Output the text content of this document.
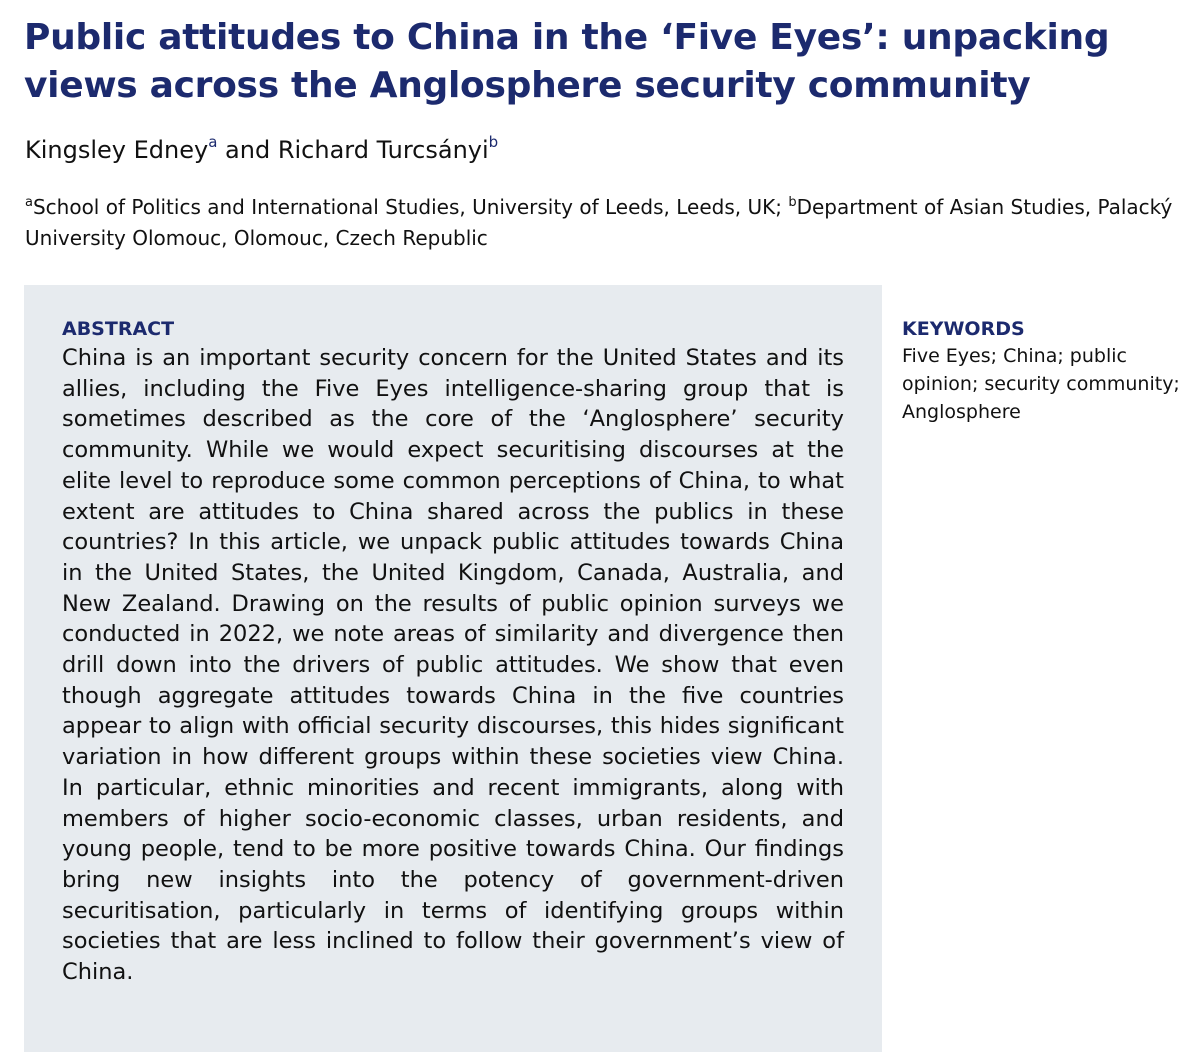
Public attitudes to China in the ‘Five Eyes’: unpacking views across the Anglosphere security community
Kingsley Edney$^a$ and Richard Turcsányi$^b$
$^a$School of Politics and International Studies, University of Leeds, Leeds, UK; $^b$Department of Asian Studies, Palacký University Olomouc, Olomouc, Czech Republic
ABSTRACT

China is an important security concern for the United States and its allies, including the Five Eyes intelligence-sharing group that is sometimes described as the core of the ‘Anglosphere’ security community. While we would expect securitising discourses at the elite level to reproduce some common perceptions of China, to what extent are attitudes to China shared across the publics in these countries? In this article, we unpack public attitudes towards China in the United States, the United Kingdom, Canada, Australia, and New Zealand. Drawing on the results of public opinion surveys we conducted in 2022, we note areas of similarity and divergence then drill down into the drivers of public attitudes. We show that even though aggregate attitudes towards China in the five countries appear to align with official security discourses, this hides significant variation in how different groups within these societies view China. In particular, ethnic minorities and recent immigrants, along with members of higher socio-economic classes, urban residents, and young people, tend to be more positive towards China. Our findings bring new insights into the potency of government-driven securitisation, particularly in terms of identifying groups within societies that are less inclined to follow their government’s view of China.

KEYWORDS

Five Eyes; China; public opinion; security community; Anglosphere
